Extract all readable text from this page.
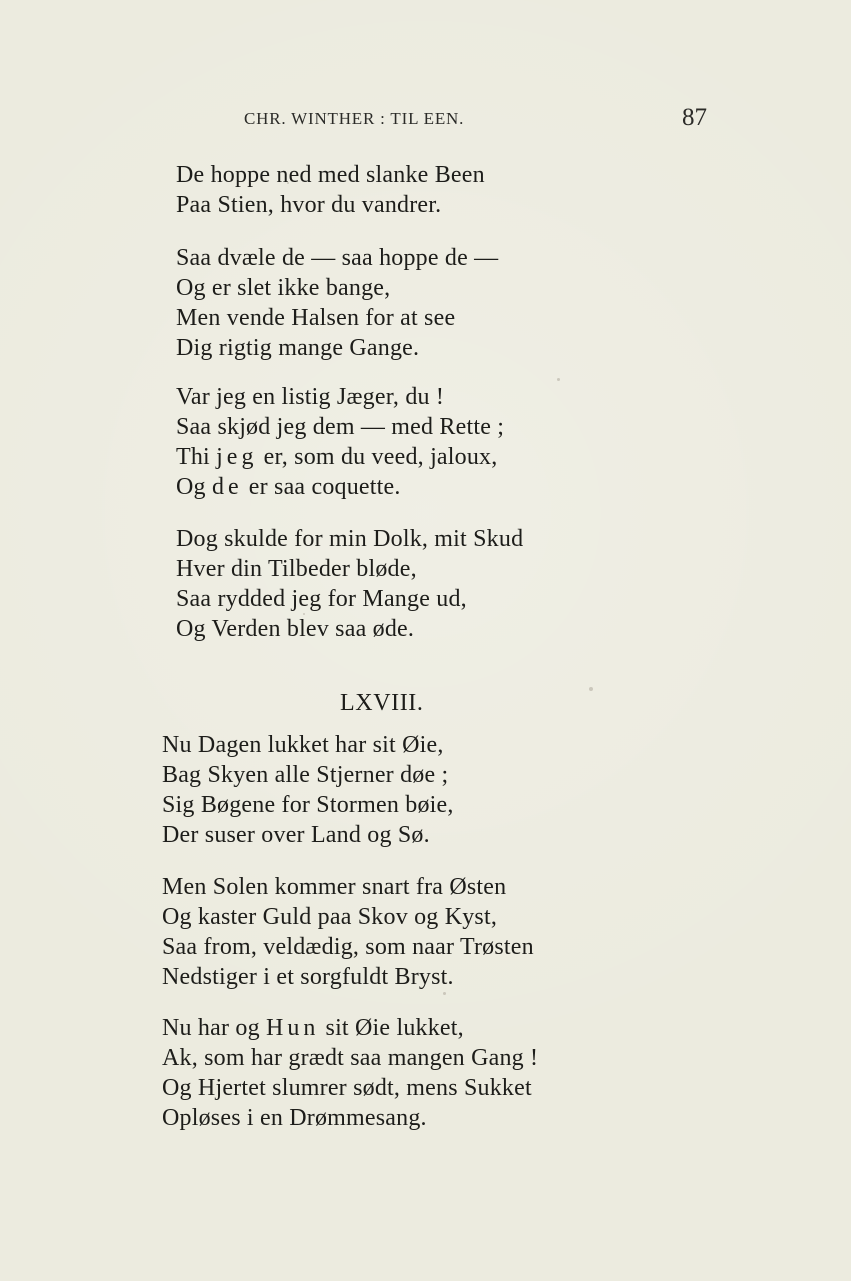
CHR. WINTHER : TIL EEN.	87
De hoppe ned med slanke Been
Paa Stien, hvor du vandrer.
Saa dvæle de — saa hoppe de —
Og er slet ikke bange,
Men vende Halsen for at see
Dig rigtig mange Gange.
Var jeg en listig Jæger, du !
Saa skjød jeg dem — med Rette ;
Thi jeg er, som du veed, jaloux,
Og de er saa coquette.
Dog skulde for min Dolk, mit Skud
Hver din Tilbeder bløde,
Saa rydded jeg for Mange ud,
Og Verden blev saa øde.
LXVIII.
Nu Dagen lukket har sit Øie,
Bag Skyen alle Stjerner døe ;
Sig Bøgene for Stormen bøie,
Der suser over Land og Sø.
Men Solen kommer snart fra Østen
Og kaster Guld paa Skov og Kyst,
Saa from, veldædig, som naar Trøsten
Nedstiger i et sorgfuldt Bryst.
Nu har og Hun sit Øie lukket,
Ak, som har grædt saa mangen Gang !
Og Hjertet slumrer sødt, mens Sukket
Opløses i en Drømmesang.
